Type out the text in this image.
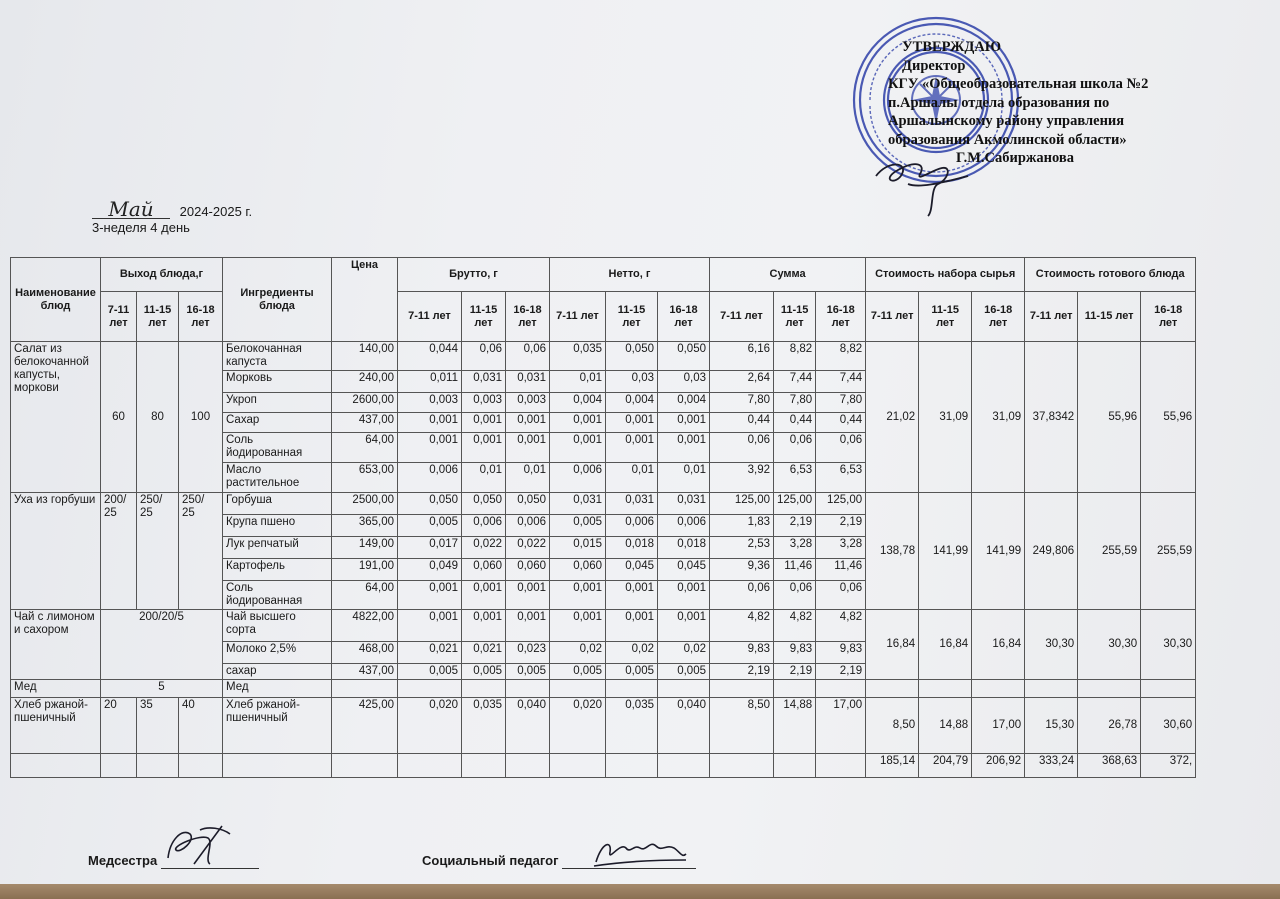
УТВЕРЖДАЮ
Директор
КГУ «Общеобразовательная школа №2
п.Аршалы отдела образования по
Аршалынскому району управления
образования Акмолинской области»
Г.М.Сабиржанова
Май 2024-2025 г.
3-неделя 4 день
Наименование блюд	Выход блюда,г			Ингредиенты блюда	Цена	Брутто, г			Нетто, г			Сумма			Стоимость набора сырья			Стоимость готового блюда		
	7-11 лет	11-15 лет	16-18 лет			7-11 лет	11-15 лет	16-18 лет	7-11 лет	11-15 лет	16-18 лет	7-11 лет	11-15 лет	16-18 лет	7-11 лет	11-15 лет	16-18 лет	7-11 лет	11-15 лет	16-18 лет
Салат из белокочанной капусты, моркови	60	80	100	Белокочанная капуста	140,00	0,044	0,06	0,06	0,035	0,050	0,050	6,16	8,82	8,82	21,02	31,09	31,09	37,8342	55,96	55,96
				Морковь	240,00	0,011	0,031	0,031	0,01	0,03	0,03	2,64	7,44	7,44						
				Укроп	2600,00	0,003	0,003	0,003	0,004	0,004	0,004	7,80	7,80	7,80						
				Сахар	437,00	0,001	0,001	0,001	0,001	0,001	0,001	0,44	0,44	0,44						
				Соль йодированная	64,00	0,001	0,001	0,001	0,001	0,001	0,001	0,06	0,06	0,06						
				Масло растительное	653,00	0,006	0,01	0,01	0,006	0,01	0,01	3,92	6,53	6,53						
Уха из горбуши	200/ 25	250/ 25	250/ 25	Горбуша	2500,00	0,050	0,050	0,050	0,031	0,031	0,031	125,00	125,00	125,00	138,78	141,99	141,99	249,806	255,59	255,59
				Крупа пшено	365,00	0,005	0,006	0,006	0,005	0,006	0,006	1,83	2,19	2,19						
				Лук репчатый	149,00	0,017	0,022	0,022	0,015	0,018	0,018	2,53	3,28	3,28						
				Картофель	191,00	0,049	0,060	0,060	0,060	0,045	0,045	9,36	11,46	11,46						
				Соль йодированная	64,00	0,001	0,001	0,001	0,001	0,001	0,001	0,06	0,06	0,06						
Чай с лимоном и сахором	200/20/5			Чай высшего сорта	4822,00	0,001	0,001	0,001	0,001	0,001	0,001	4,82	4,82	4,82	16,84	16,84	16,84	30,30	30,30	30,30
				Молоко 2,5%	468,00	0,021	0,021	0,023	0,02	0,02	0,02	9,83	9,83	9,83						
				сахар	437,00	0,005	0,005	0,005	0,005	0,005	0,005	2,19	2,19	2,19						
Мед	5			Мед																
Хлеб ржаной-пшеничный	20	35	40	Хлеб ржаной-пшеничный	425,00	0,020	0,035	0,040	0,020	0,035	0,040	8,50	14,88	17,00	8,50	14,88	17,00	15,30	26,78	30,60
															185,14	204,79	206,92	333,24	368,63	372,
Медсестра	Социальный педагог
